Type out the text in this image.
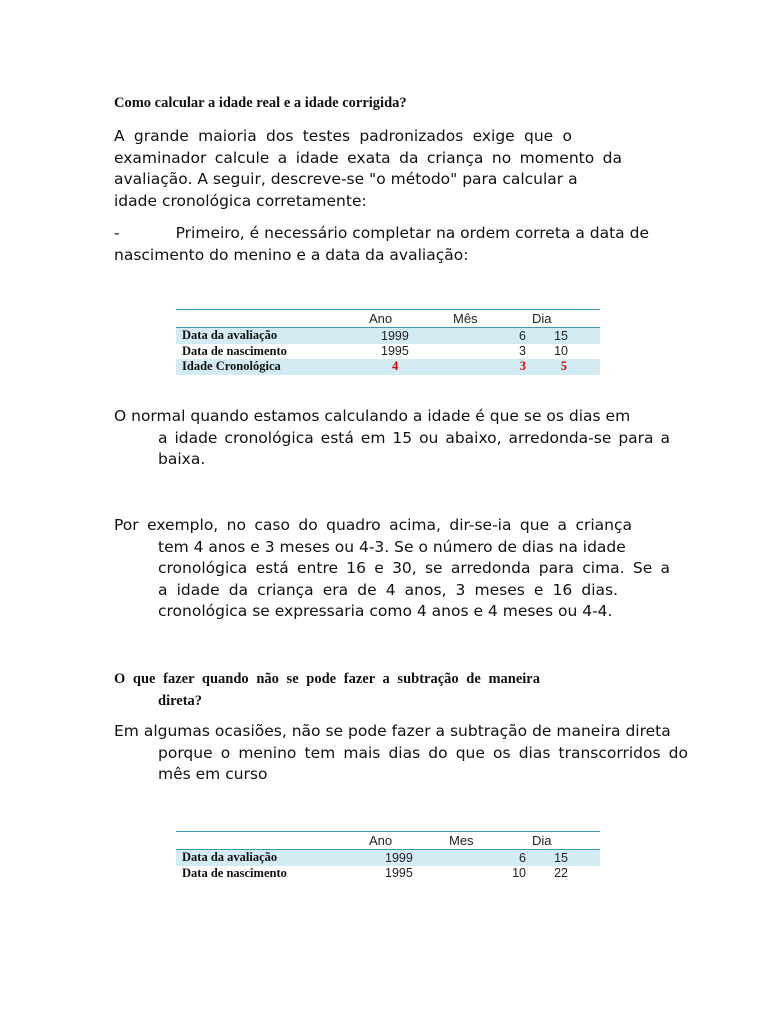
Como calcular a idade real e a idade corrigida?
A grande maioria dos testes padronizados exige que o
examinador calcule a idade exata da criança no momento da
avaliação. A seguir, descreve-se "o método" para calcular a
idade cronológica corretamente:
-	Primeiro, é necessário completar na ordem correta a data de
nascimento do menino e a data da avaliação:
	Ano	Mês	Dia
Data da avaliação	1999	6	15
Data de nascimento	1995	3	10
Idade Cronológica	4	3	5
O normal quando estamos calculando a idade é que se os dias em
a idade cronológica está em 15 ou abaixo, arredonda-se para a
baixa.
Por exemplo, no caso do quadro acima, dir-se-ia que a criança
tem 4 anos e 3 meses ou 4-3. Se o número de dias na idade
cronológica está entre 16 e 30, se arredonda para cima. Se a
a idade da criança era de 4 anos, 3 meses e 16 dias.
cronológica se expressaria como 4 anos e 4 meses ou 4-4.
O que fazer quando não se pode fazer a subtração de maneira
direta?
Em algumas ocasiões, não se pode fazer a subtração de maneira direta
porque o menino tem mais dias do que os dias transcorridos do
mês em curso
	Ano	Mes	Dia
Data da avaliação	1999	6	15
Data de nascimento	1995	10	22
